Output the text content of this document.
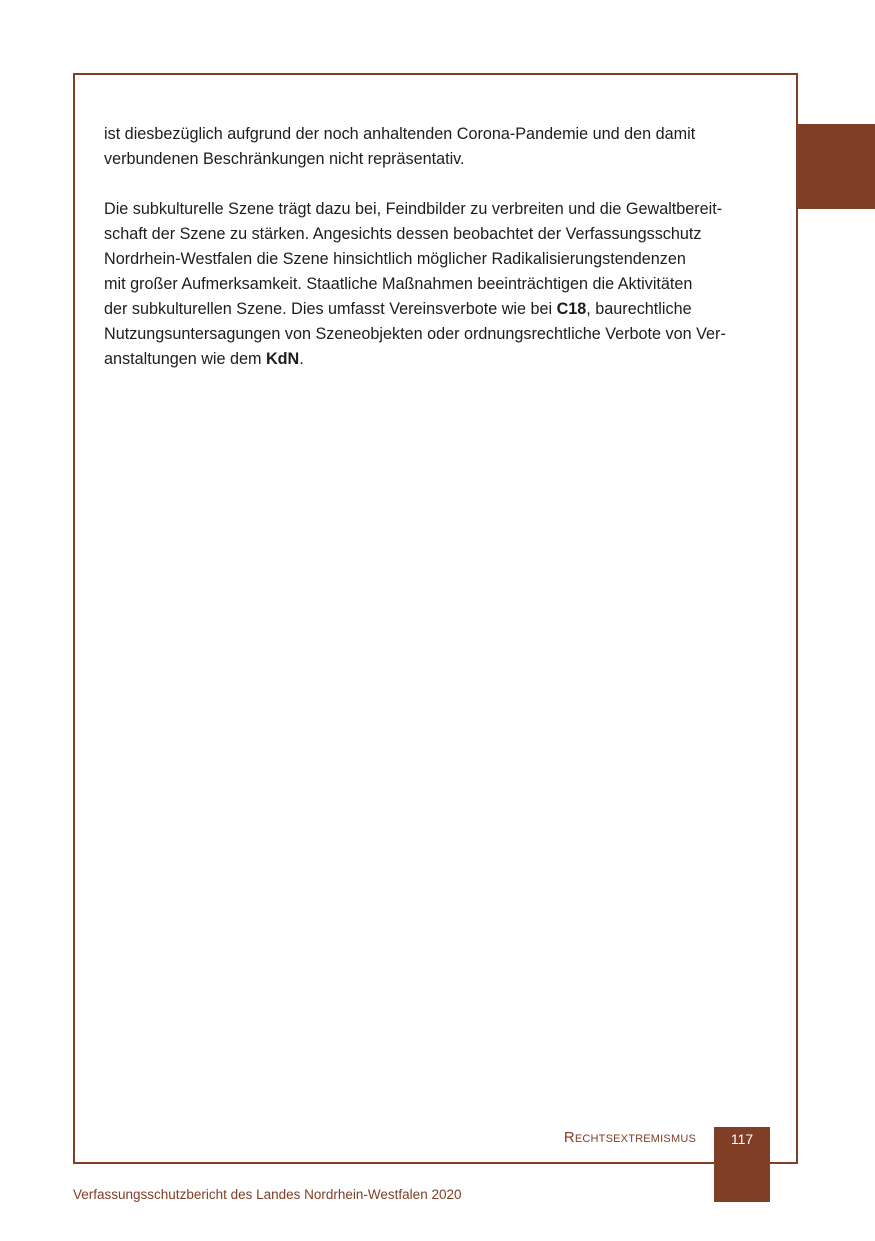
ist diesbezüglich aufgrund der noch anhaltenden Corona-Pandemie und den damit
verbundenen Beschränkungen nicht repräsentativ.

Die subkulturelle Szene trägt dazu bei, Feindbilder zu verbreiten und die Gewaltbereit-
schaft der Szene zu stärken. Angesichts dessen beobachtet der Verfassungsschutz
Nordrhein-Westfalen die Szene hinsichtlich möglicher Radikalisierungstendenzen
mit großer Aufmerksamkeit. Staatliche Maßnahmen beeinträchtigen die Aktivitäten
der subkulturellen Szene. Dies umfasst Vereinsverbote wie bei C18, baurechtliche
Nutzungsuntersagungen von Szeneobjekten oder ordnungsrechtliche Verbote von Ver-
anstaltungen wie dem KdN.

Rechtsextremismus	117
Verfassungsschutzbericht des Landes Nordrhein-Westfalen 2020
